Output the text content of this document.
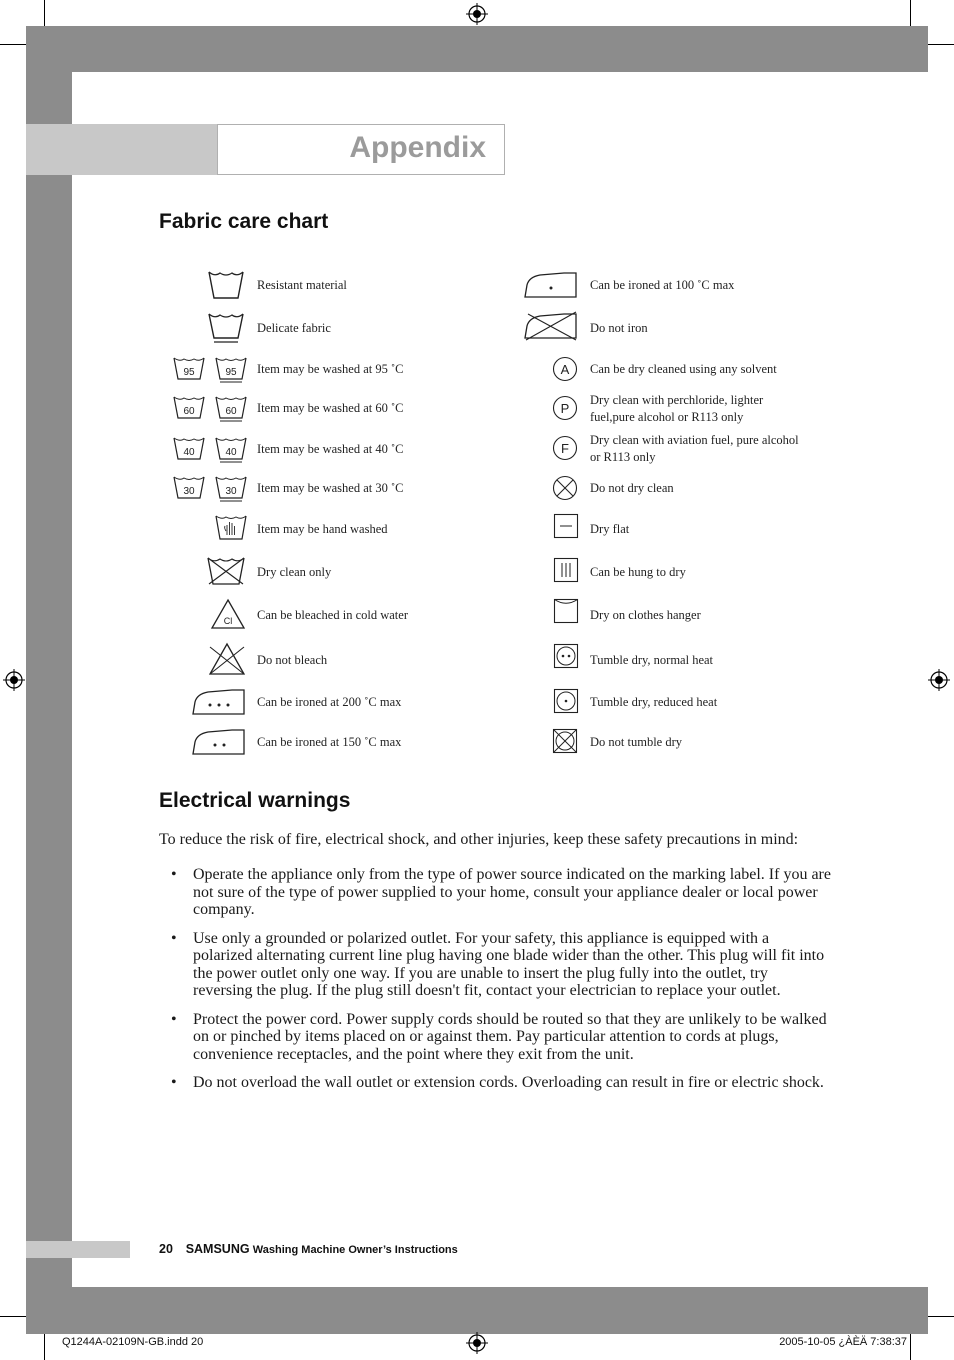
Appendix
Fabric care chart
Resistant material
Delicate fabric
95	95 Item may be washed at 95 ˚C
60	60 Item may be washed at 60 ˚C
40	40 Item may be washed at 40 ˚C
30	30 Item may be washed at 30 ˚C
Item may be hand washed
Dry clean only
Cl Can be bleached in cold water
Do not bleach
Can be ironed at 200 ˚C max
Can be ironed at 150 ˚C max
Can be ironed at 100 ˚C max
Do not iron
A Can be dry cleaned using any solvent
P
Dry clean with perchloride, lighter
fuel,pure alcohol or R113 only
F
Dry clean with aviation fuel, pure alcohol
or R113 only
Do not dry clean
Dry flat
Can be hung to dry
Dry on clothes hanger
Tumble dry, normal heat
Tumble dry, reduced heat
Do not tumble dry
Electrical warnings
To reduce the risk of fire, electrical shock, and other injuries, keep these safety precautions in mind:
• Operate the appliance only from the type of power source indicated on the marking label. If you are not sure of the type of power supplied to your home, consult your appliance dealer or local power company.
• Use only a grounded or polarized outlet. For your safety, this appliance is equipped with a polarized alternating current line plug having one blade wider than the other. This plug will fit into the power outlet only one way. If you are unable to insert the plug fully into the outlet, try reversing the plug. If the plug still doesn't fit, contact your electrician to replace your outlet.
• Protect the power cord. Power supply cords should be routed so that they are unlikely to be walked on or pinched by items placed on or against them. Pay particular attention to cords at plugs, convenience receptacles, and the point where they exit from the unit.
• Do not overload the wall outlet or extension cords. Overloading can result in fire or electric shock.
20 SAMSUNG Washing Machine Owner’s Instructions
Q1244A-02109N-GB.indd 20	2005-10-05 ¿ÀÈÄ 7:38:37
